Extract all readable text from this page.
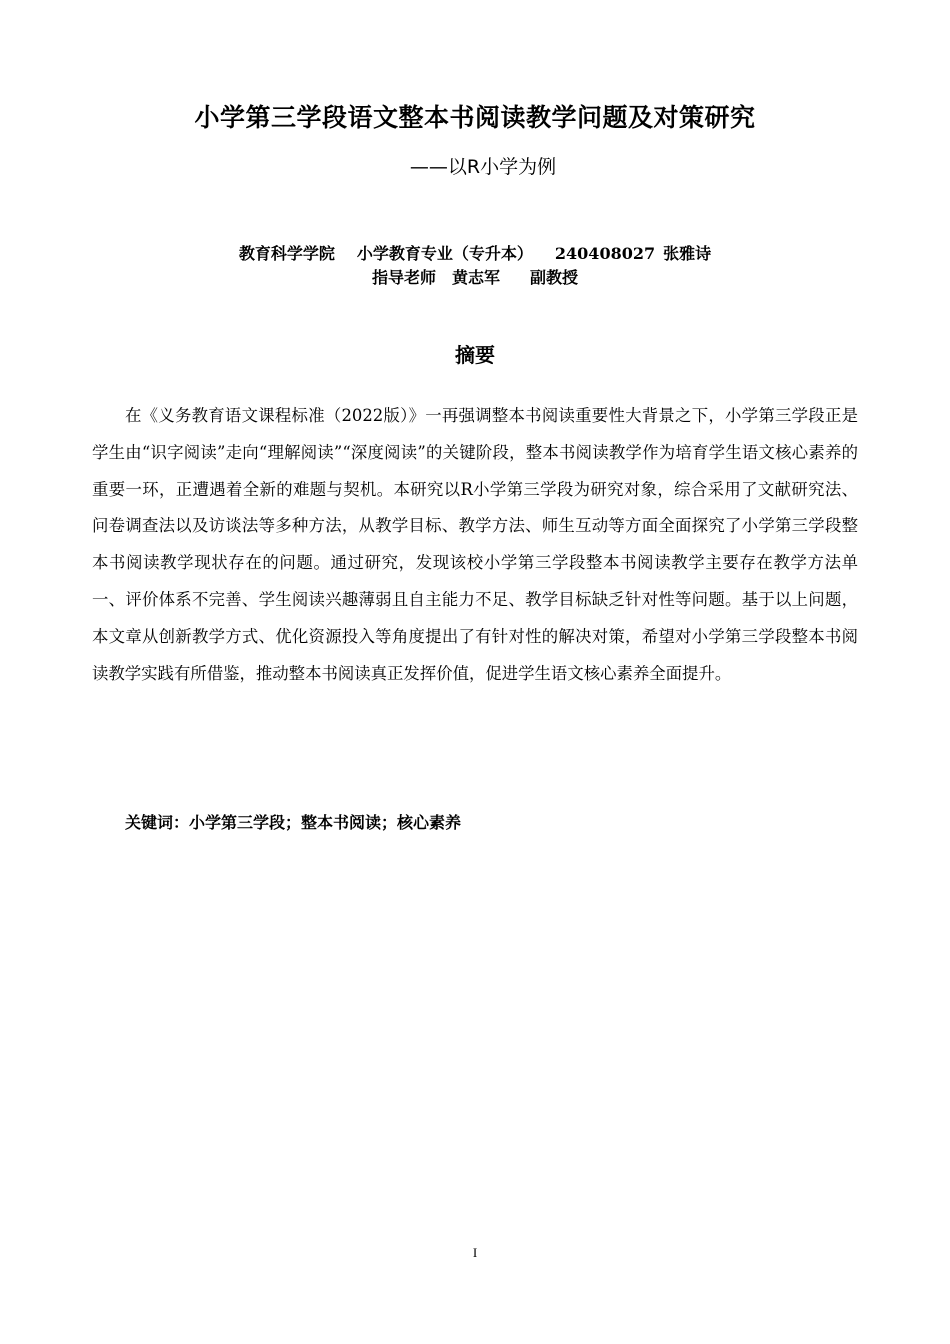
小学第三学段语文整本书阅读教学问题及对策研究
——以R小学为例
教育科学学院 小学教育专业（专升本） 240408027 张雅诗
指导老师 黄志军 副教授
摘要

在《义务教育语文课程标准（2022版）》一再强调整本书阅读重要性大背景之下，小学第三学段正是学生由“识字阅读”走向“理解阅读”“深度阅读”的关键阶段，整本书阅读教学作为培育学生语文核心素养的重要一环，正遭遇着全新的难题与契机。本研究以R小学第三学段为研究对象，综合采用了文献研究法、问卷调查法以及访谈法等多种方法，从教学目标、教学方法、师生互动等方面全面探究了小学第三学段整本书阅读教学现状存在的问题。通过研究，发现该校小学第三学段整本书阅读教学主要存在教学方法单一、评价体系不完善、学生阅读兴趣薄弱且自主能力不足、教学目标缺乏针对性等问题。基于以上问题，本文章从创新教学方式、优化资源投入等角度提出了有针对性的解决对策，希望对小学第三学段整本书阅读教学实践有所借鉴，推动整本书阅读真正发挥价值，促进学生语文核心素养全面提升。

关键词：小学第三学段；整本书阅读；核心素养
I
